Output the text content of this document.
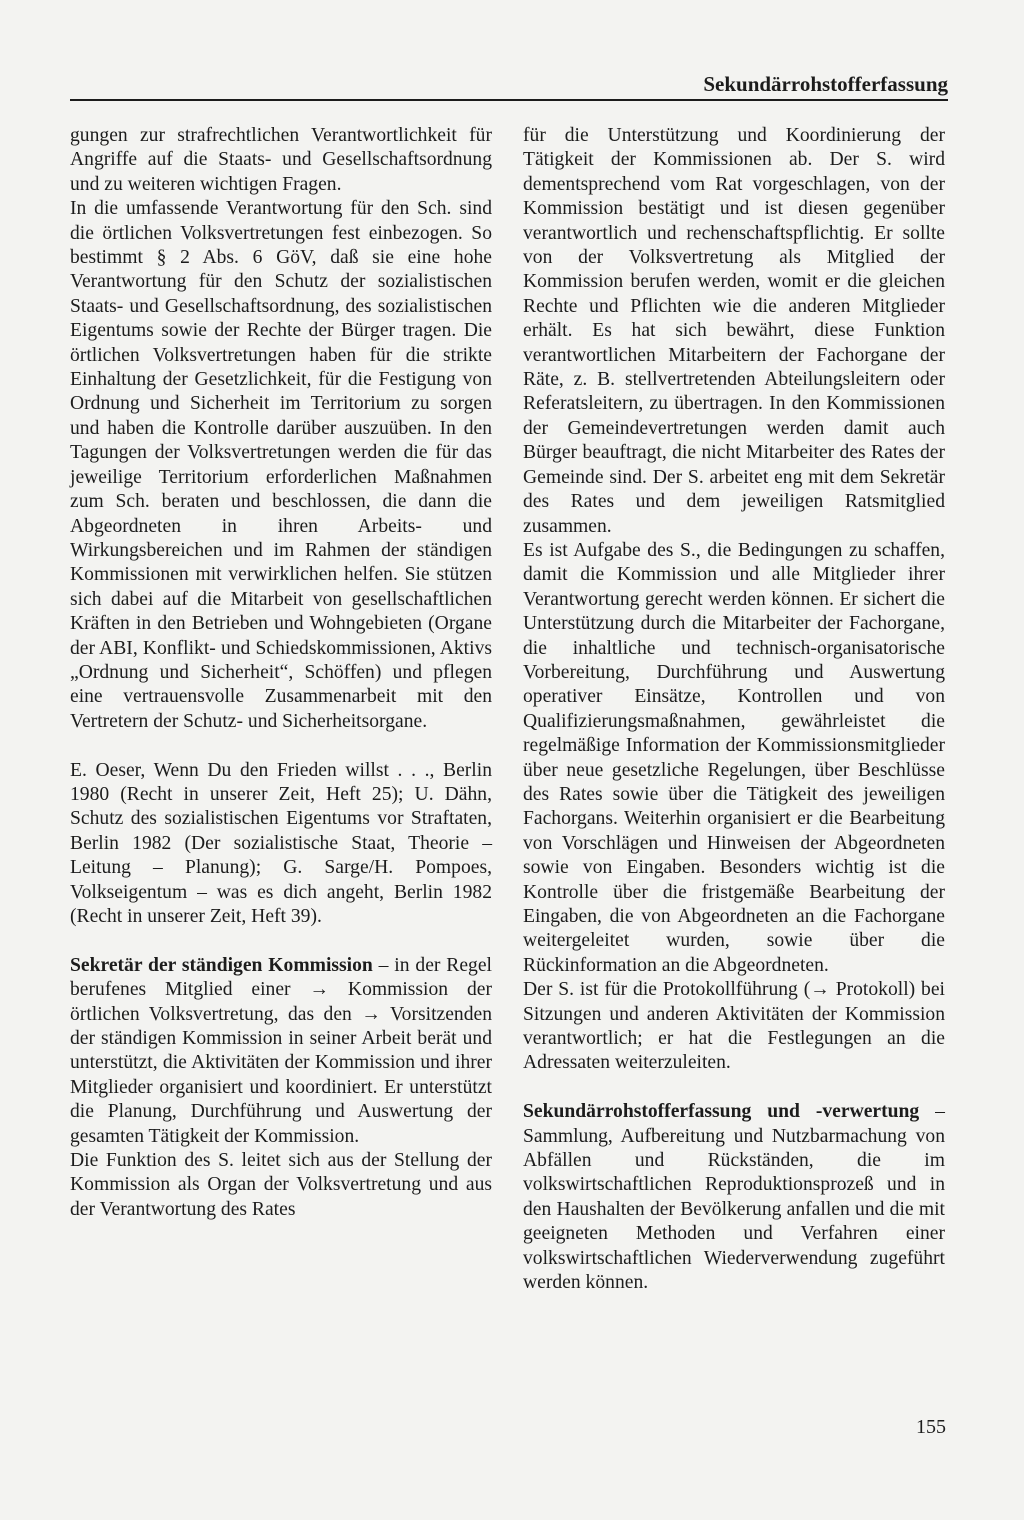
Sekundärrohstofferfassung

gungen zur strafrechtlichen Verantwortlichkeit für Angriffe auf die Staats- und Gesellschaftsordnung und zu weiteren wichtigen Fragen.

In die umfassende Verantwortung für den Sch. sind die örtlichen Volksvertretungen fest einbezogen. So bestimmt § 2 Abs. 6 GöV, daß sie eine hohe Verantwortung für den Schutz der sozialistischen Staats- und Gesellschaftsordnung, des sozialistischen Eigentums sowie der Rechte der Bürger tragen. Die örtlichen Volksvertretungen haben für die strikte Einhaltung der Gesetzlichkeit, für die Festigung von Ordnung und Sicherheit im Territorium zu sorgen und haben die Kontrolle darüber auszuüben. In den Tagungen der Volksvertretungen werden die für das jeweilige Territorium erforderlichen Maßnahmen zum Sch. beraten und beschlossen, die dann die Abgeordneten in ihren Arbeits- und Wirkungsbereichen und im Rahmen der ständigen Kommissionen mit verwirklichen helfen. Sie stützen sich dabei auf die Mitarbeit von gesellschaftlichen Kräften in den Betrieben und Wohngebieten (Organe der ABI, Konflikt- und Schiedskommissionen, Aktivs „Ordnung und Sicherheit“, Schöffen) und pflegen eine vertrauensvolle Zusammenarbeit mit den Vertretern der Schutz- und Sicherheitsorgane.

E. Oeser, Wenn Du den Frieden willst . . ., Berlin 1980 (Recht in unserer Zeit, Heft 25); U. Dähn, Schutz des sozialistischen Eigentums vor Straftaten, Berlin 1982 (Der sozialistische Staat, Theorie – Leitung – Planung); G. Sarge/H. Pompoes, Volkseigentum – was es dich angeht, Berlin 1982 (Recht in unserer Zeit, Heft 39).

Sekretär der ständigen Kommission – in der Regel berufenes Mitglied einer → Kommission der örtlichen Volksvertretung, das den → Vorsitzenden der ständigen Kommission in seiner Arbeit berät und unterstützt, die Aktivitäten der Kommission und ihrer Mitglieder organisiert und koordiniert. Er unterstützt die Planung, Durchführung und Auswertung der gesamten Tätigkeit der Kommission.

Die Funktion des S. leitet sich aus der Stellung der Kommission als Organ der Volksvertretung und aus der Verantwortung des Rates

für die Unterstützung und Koordinierung der Tätigkeit der Kommissionen ab. Der S. wird dementsprechend vom Rat vorgeschlagen, von der Kommission bestätigt und ist diesen gegenüber verantwortlich und rechenschaftspflichtig. Er sollte von der Volksvertretung als Mitglied der Kommission berufen werden, womit er die gleichen Rechte und Pflichten wie die anderen Mitglieder erhält. Es hat sich bewährt, diese Funktion verantwortlichen Mitarbeitern der Fachorgane der Räte, z. B. stellvertretenden Abteilungsleitern oder Referatsleitern, zu übertragen. In den Kommissionen der Gemeindevertretungen werden damit auch Bürger beauftragt, die nicht Mitarbeiter des Rates der Gemeinde sind. Der S. arbeitet eng mit dem Sekretär des Rates und dem jeweiligen Ratsmitglied zusammen.

Es ist Aufgabe des S., die Bedingungen zu schaffen, damit die Kommission und alle Mitglieder ihrer Verantwortung gerecht werden können. Er sichert die Unterstützung durch die Mitarbeiter der Fachorgane, die inhaltliche und technisch-organisatorische Vorbereitung, Durchführung und Auswertung operativer Einsätze, Kontrollen und von Qualifizierungsmaßnahmen, gewährleistet die regelmäßige Information der Kommissionsmitglieder über neue gesetzliche Regelungen, über Beschlüsse des Rates sowie über die Tätigkeit des jeweiligen Fachorgans. Weiterhin organisiert er die Bearbeitung von Vorschlägen und Hinweisen der Abgeordneten sowie von Eingaben. Besonders wichtig ist die Kontrolle über die fristgemäße Bearbeitung der Eingaben, die von Abgeordneten an die Fachorgane weitergeleitet wurden, sowie über die Rückinformation an die Abgeordneten.

Der S. ist für die Protokollführung (→ Protokoll) bei Sitzungen und anderen Aktivitäten der Kommission verantwortlich; er hat die Festlegungen an die Adressaten weiterzuleiten.

Sekundärrohstofferfassung und -verwertung – Sammlung, Aufbereitung und Nutzbarmachung von Abfällen und Rückständen, die im volkswirtschaftlichen Reproduktionsprozeß und in den Haushalten der Bevölkerung anfallen und die mit geeigneten Methoden und Verfahren einer volkswirtschaftlichen Wiederverwendung zugeführt werden können.

155
